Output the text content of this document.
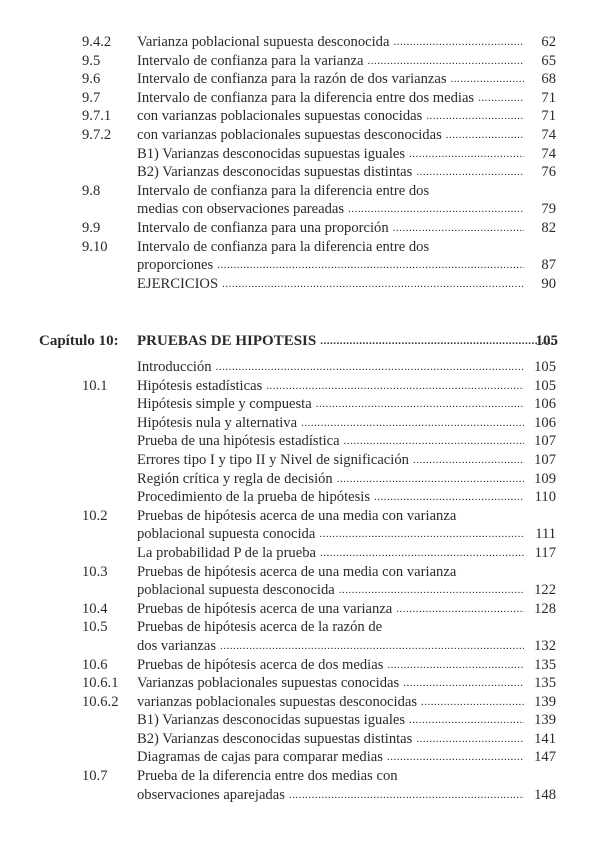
9.4.2 Varianza poblacional supuesta desconocida .....	62
9.5	Intervalo de confianza para la varianza .....	65
9.6	Intervalo de confianza para la razón de dos varianzas .....	68
9.7	Intervalo de confianza para la diferencia entre dos medias .....	71
9.7.1 con varianzas poblacionales supuestas conocidas .....	71
9.7.2 con varianzas poblacionales supuestas desconocidas .....	74
B1) Varianzas desconocidas supuestas iguales .....	74
B2) Varianzas desconocidas supuestas distintas .....	76
9.8	Intervalo de confianza para la diferencia entre dos
medias con observaciones pareadas .....	79
9.9	Intervalo de confianza para una proporción .....	82
9.10 Intervalo de confianza para la diferencia entre dos
proporciones .....	87
EJERCICIOS .....	90
Capítulo 10: PRUEBAS DE HIPOTESIS .....	105
Introducción .....	105
10.1 Hipótesis estadísticas .....	105
Hipótesis simple y compuesta .....	106
Hipótesis nula y alternativa .....	106
Prueba de una hipótesis estadística .....	107
Errores tipo I y tipo II y Nivel de significación .....	107
Región crítica y regla de decisión .....	109
Procedimiento de la prueba de hipótesis .....	110
10.2 Pruebas de hipótesis acerca de una media con varianza
poblacional supuesta conocida .....	111
La probabilidad P de la prueba .....	117
10.3 Pruebas de hipótesis acerca de una media con varianza
poblacional supuesta desconocida .....	122
10.4 Pruebas de hipótesis acerca de una varianza .....	128
10.5 Pruebas de hipótesis acerca de la razón de
dos varianzas .....	132
10.6 Pruebas de hipótesis acerca de dos medias .....	135
10.6.1 Varianzas poblacionales supuestas conocidas .....	135
10.6.2 varianzas poblacionales supuestas desconocidas .....	139
B1) Varianzas desconocidas supuestas iguales .....	139
B2) Varianzas desconocidas supuestas distintas .....	141
Diagramas de cajas para comparar medias .....	147
10.7 Prueba de la diferencia entre dos medias con
observaciones aparejadas .....	148
